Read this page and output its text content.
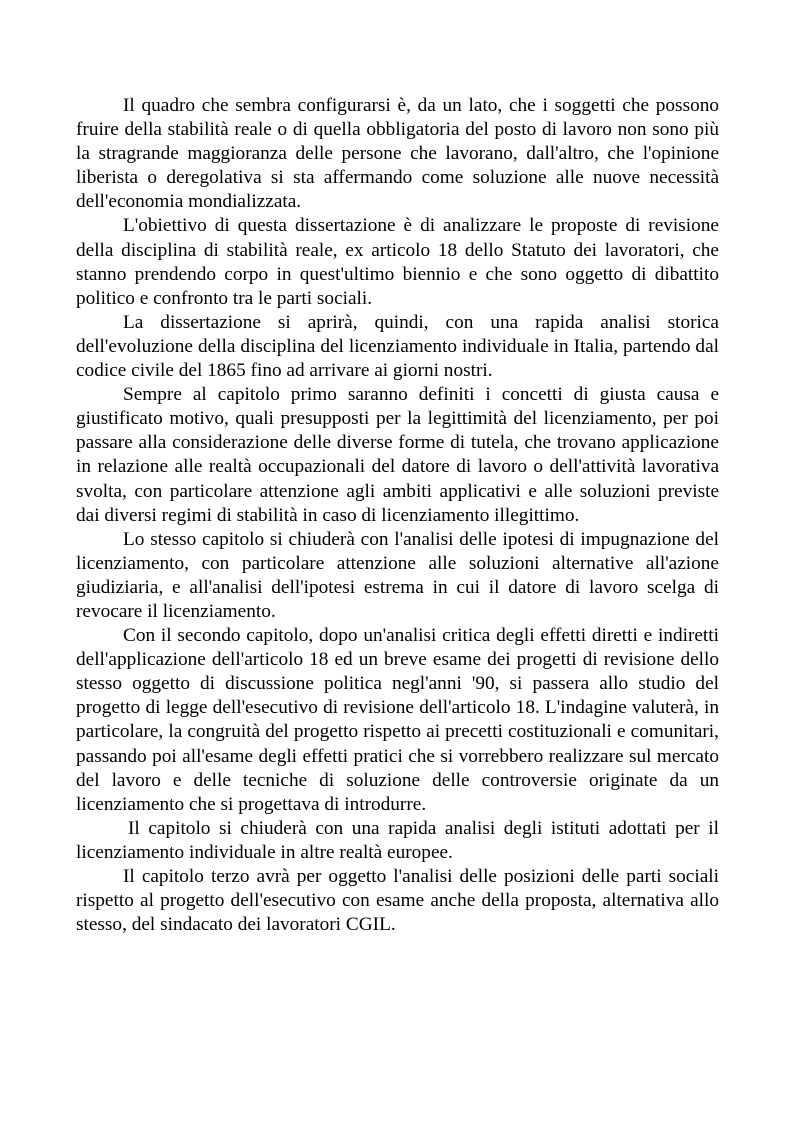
Il quadro che sembra configurarsi è, da un lato, che i soggetti che possono fruire della stabilità reale o di quella obbligatoria del posto di lavoro non sono più la stragrande maggioranza delle persone che lavorano, dall'altro, che l'opinione liberista o deregolativa si sta affermando come soluzione alle nuove necessità dell'economia mondializzata.

L'obiettivo di questa dissertazione è di analizzare le proposte di revisione della disciplina di stabilità reale, ex articolo 18 dello Statuto dei lavoratori, che stanno prendendo corpo in quest'ultimo biennio e che sono oggetto di dibattito politico e confronto tra le parti sociali.

La dissertazione si aprirà, quindi, con una rapida analisi storica dell'evoluzione della disciplina del licenziamento individuale in Italia, partendo dal codice civile del 1865 fino ad arrivare ai giorni nostri.

Sempre al capitolo primo saranno definiti i concetti di giusta causa e giustificato motivo, quali presupposti per la legittimità del licenziamento, per poi passare alla considerazione delle diverse forme di tutela, che trovano applicazione in relazione alle realtà occupazionali del datore di lavoro o dell'attività lavorativa svolta, con particolare attenzione agli ambiti applicativi e alle soluzioni previste dai diversi regimi di stabilità in caso di licenziamento illegittimo.

Lo stesso capitolo si chiuderà con l'analisi delle ipotesi di impugnazione del licenziamento, con particolare attenzione alle soluzioni alternative all'azione giudiziaria, e all'analisi dell'ipotesi estrema in cui il datore di lavoro scelga di revocare il licenziamento.

Con il secondo capitolo, dopo un'analisi critica degli effetti diretti e indiretti dell'applicazione dell'articolo 18 ed un breve esame dei progetti di revisione dello stesso oggetto di discussione politica negl'anni '90, si passera allo studio del progetto di legge dell'esecutivo di revisione dell'articolo 18. L'indagine valuterà, in particolare, la congruità del progetto rispetto ai precetti costituzionali e comunitari, passando poi all'esame degli effetti pratici che si vorrebbero realizzare sul mercato del lavoro e delle tecniche di soluzione delle controversie originate da un licenziamento che si progettava di introdurre.

Il capitolo si chiuderà con una rapida analisi degli istituti adottati per il licenziamento individuale in altre realtà europee.

Il capitolo terzo avrà per oggetto l'analisi delle posizioni delle parti sociali rispetto al progetto dell'esecutivo con esame anche della proposta, alternativa allo stesso, del sindacato dei lavoratori CGIL.
